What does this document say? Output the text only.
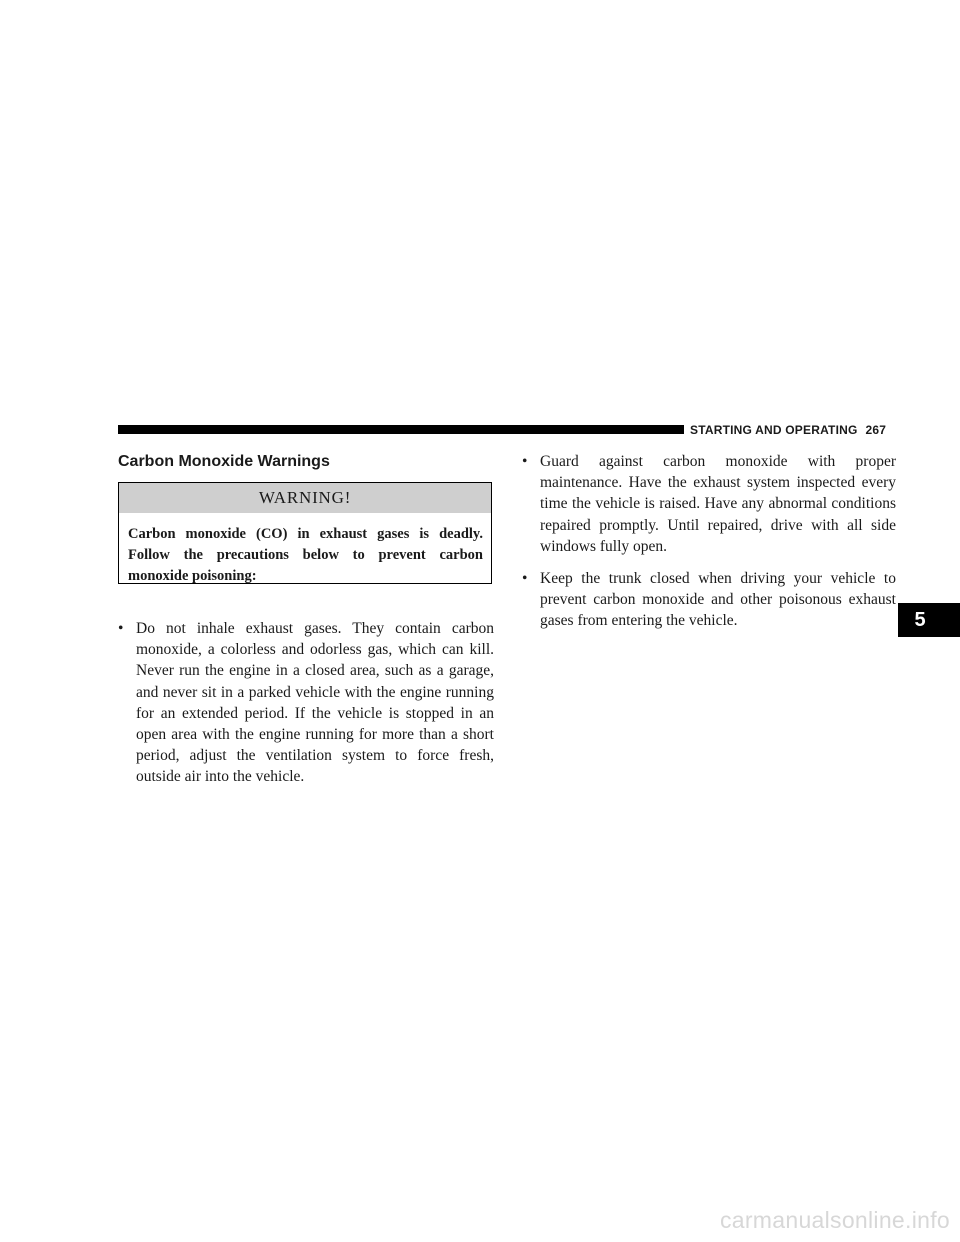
STARTING AND OPERATING 267
Carbon Monoxide Warnings
WARNING!
Carbon monoxide (CO) in exhaust gases is deadly. Follow the precautions below to prevent carbon monoxide poisoning:
• Do not inhale exhaust gases. They contain carbon monoxide, a colorless and odorless gas, which can kill. Never run the engine in a closed area, such as a garage, and never sit in a parked vehicle with the engine running for an extended period. If the vehicle is stopped in an open area with the engine running for more than a short period, adjust the ventilation system to force fresh, outside air into the vehicle.
• Guard against carbon monoxide with proper maintenance. Have the exhaust system inspected every time the vehicle is raised. Have any abnormal conditions repaired promptly. Until repaired, drive with all side windows fully open.
• Keep the trunk closed when driving your vehicle to prevent carbon monoxide and other poisonous exhaust gases from entering the vehicle.	5
carmanualsonline.info
